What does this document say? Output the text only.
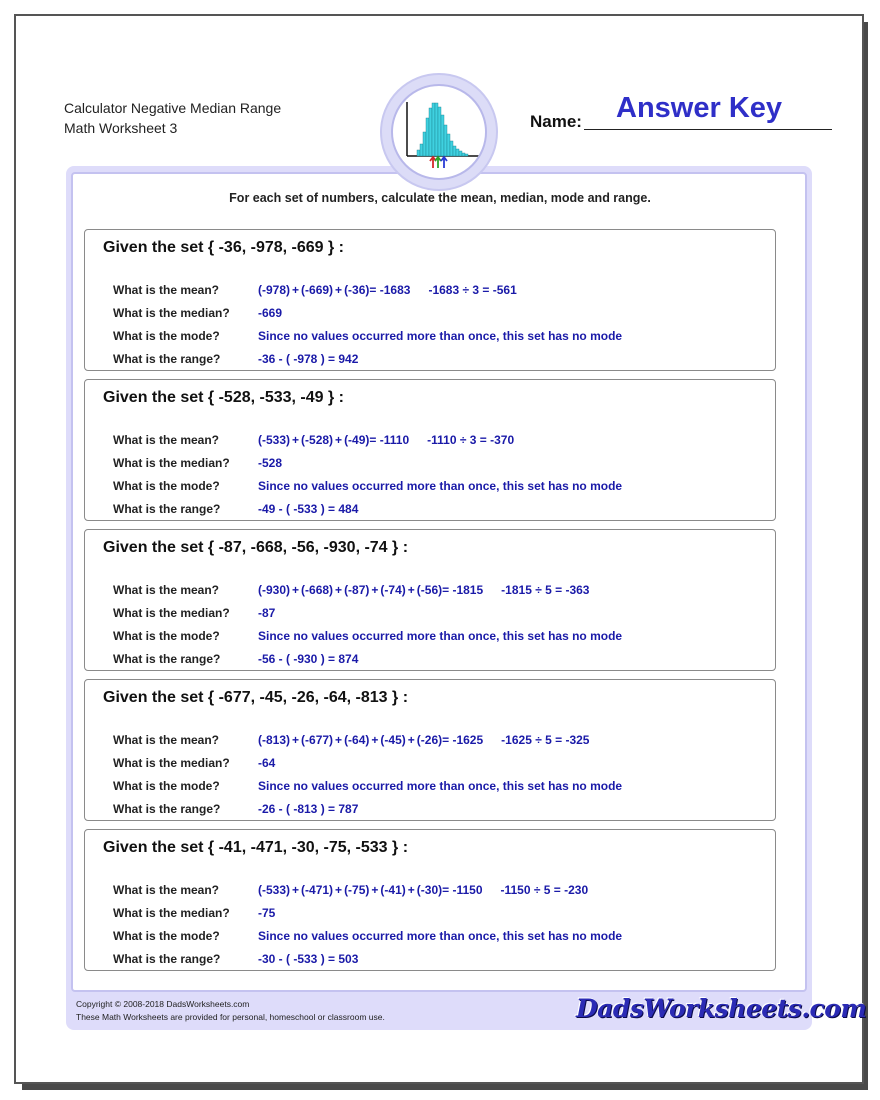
Calculator Negative Median Range
Math Worksheet 3	Name: Answer Key
For each set of numbers, calculate the mean, median, mode and range.
Given the set { -36, -978, -669 } :
What is the mean?	(-978) + (-669) + (-36)= -1683 -1683 ÷ 3 = -561
What is the median? -669
What is the mode?	Since no values occurred more than once, this set has no mode
What is the range?	-36 - ( -978 ) = 942
Given the set { -528, -533, -49 } :
What is the mean?	(-533) + (-528) + (-49)= -1110 -1110 ÷ 3 = -370
What is the median? -528
What is the mode?	Since no values occurred more than once, this set has no mode
What is the range?	-49 - ( -533 ) = 484
Given the set { -87, -668, -56, -930, -74 } :
What is the mean?	(-930) + (-668) + (-87) + (-74) + (-56)= -1815 -1815 ÷ 5 = -363
What is the median? -87
What is the mode?	Since no values occurred more than once, this set has no mode
What is the range?	-56 - ( -930 ) = 874
Given the set { -677, -45, -26, -64, -813 } :
What is the mean?	(-813) + (-677) + (-64) + (-45) + (-26)= -1625 -1625 ÷ 5 = -325
What is the median? -64
What is the mode?	Since no values occurred more than once, this set has no mode
What is the range?	-26 - ( -813 ) = 787
Given the set { -41, -471, -30, -75, -533 } :
What is the mean?	(-533) + (-471) + (-75) + (-41) + (-30)= -1150 -1150 ÷ 5 = -230
What is the median? -75
What is the mode?	Since no values occurred more than once, this set has no mode
What is the range?	-30 - ( -533 ) = 503
Copyright © 2008-2018 DadsWorksheets.com
These Math Worksheets are provided for personal, homeschool or classroom use.	DadsWorksheets.com
